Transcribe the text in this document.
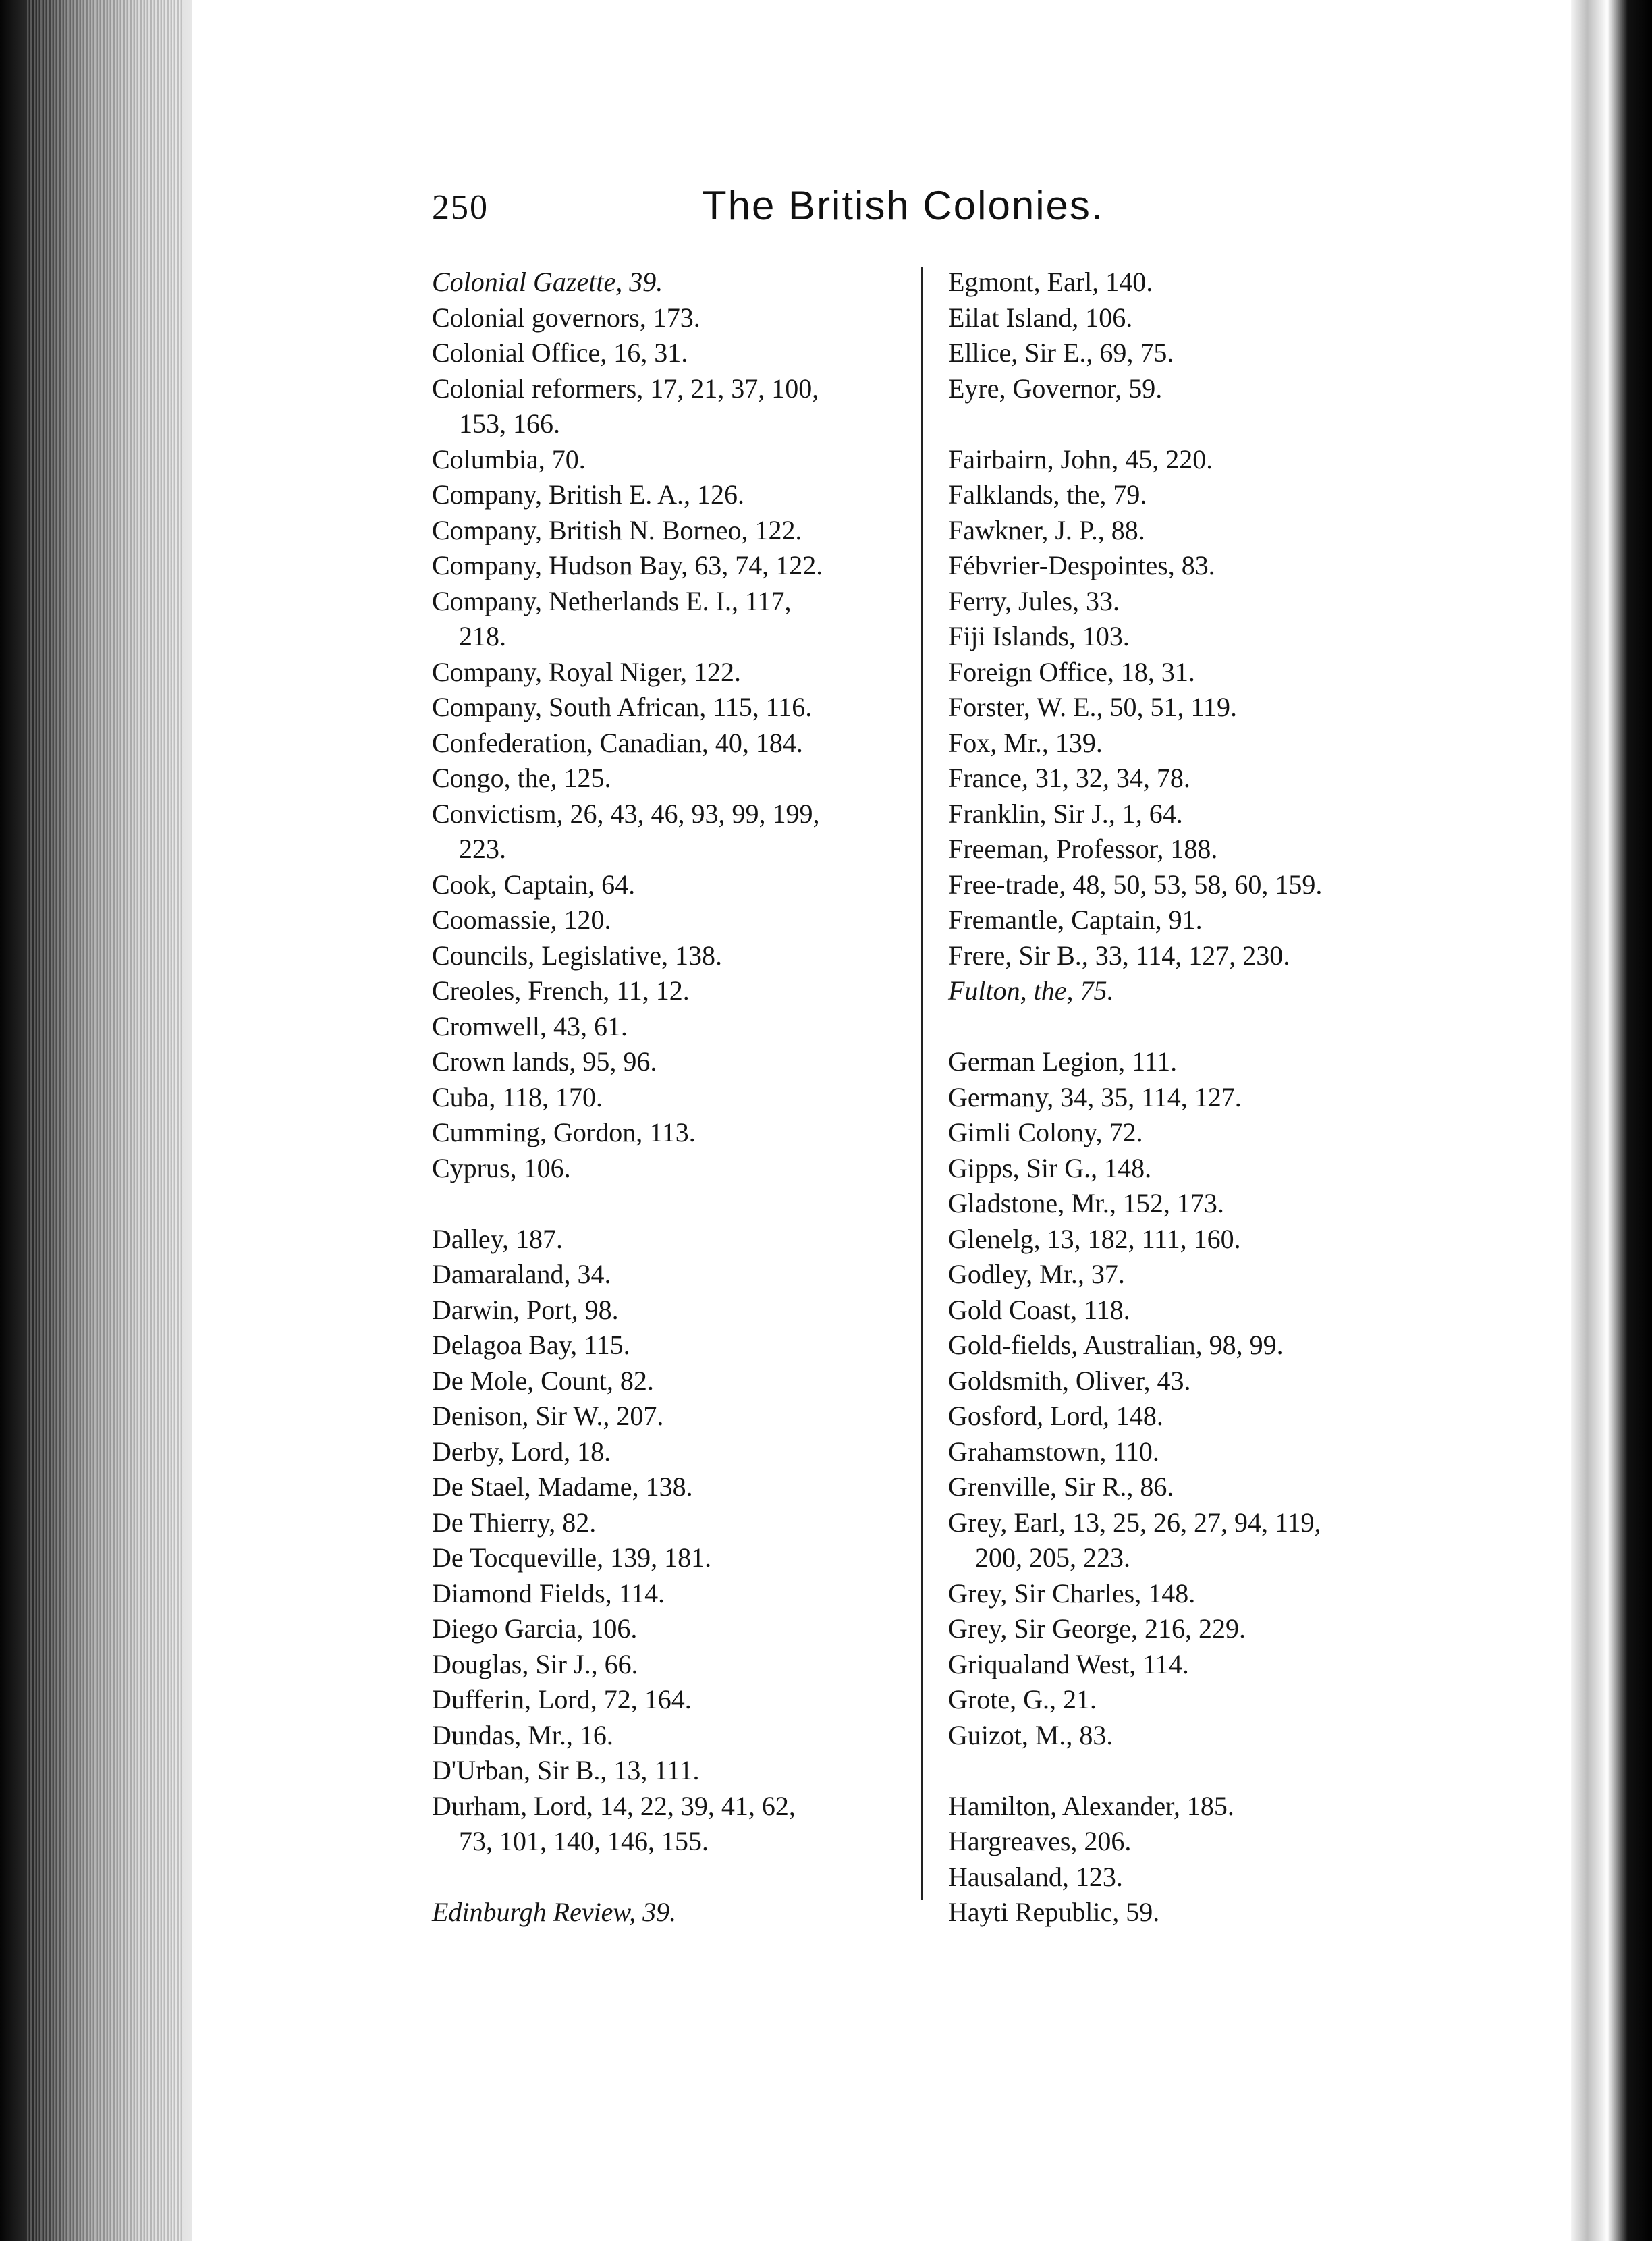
250	The British Colonies.
Colonial Gazette, 39.
Colonial governors, 173.
Colonial Office, 16, 31.
Colonial reformers, 17, 21, 37, 100,
153, 166.
Columbia, 70.
Company, British E. A., 126.
Company, British N. Borneo, 122.
Company, Hudson Bay, 63, 74, 122.
Company, Netherlands E. I., 117,
218.
Company, Royal Niger, 122.
Company, South African, 115, 116.
Confederation, Canadian, 40, 184.
Congo, the, 125.
Convictism, 26, 43, 46, 93, 99, 199,
223.
Cook, Captain, 64.
Coomassie, 120.
Councils, Legislative, 138.
Creoles, French, 11, 12.
Cromwell, 43, 61.
Crown lands, 95, 96.
Cuba, 118, 170.
Cumming, Gordon, 113.
Cyprus, 106.
Dalley, 187.
Damaraland, 34.
Darwin, Port, 98.
Delagoa Bay, 115.
De Mole, Count, 82.
Denison, Sir W., 207.
Derby, Lord, 18.
De Stael, Madame, 138.
De Thierry, 82.
De Tocqueville, 139, 181.
Diamond Fields, 114.
Diego Garcia, 106.
Douglas, Sir J., 66.
Dufferin, Lord, 72, 164.
Dundas, Mr., 16.
D'Urban, Sir B., 13, 111.
Durham, Lord, 14, 22, 39, 41, 62,
73, 101, 140, 146, 155.
Edinburgh Review, 39.
Egmont, Earl, 140.
Eilat Island, 106.
Ellice, Sir E., 69, 75.
Eyre, Governor, 59.
Fairbairn, John, 45, 220.
Falklands, the, 79.
Fawkner, J. P., 88.
Fébvrier-Despointes, 83.
Ferry, Jules, 33.
Fiji Islands, 103.
Foreign Office, 18, 31.
Forster, W. E., 50, 51, 119.
Fox, Mr., 139.
France, 31, 32, 34, 78.
Franklin, Sir J., 1, 64.
Freeman, Professor, 188.
Free-trade, 48, 50, 53, 58, 60, 159.
Fremantle, Captain, 91.
Frere, Sir B., 33, 114, 127, 230.
Fulton, the, 75.
German Legion, 111.
Germany, 34, 35, 114, 127.
Gimli Colony, 72.
Gipps, Sir G., 148.
Gladstone, Mr., 152, 173.
Glenelg, 13, 182, 111, 160.
Godley, Mr., 37.
Gold Coast, 118.
Gold-fields, Australian, 98, 99.
Goldsmith, Oliver, 43.
Gosford, Lord, 148.
Grahamstown, 110.
Grenville, Sir R., 86.
Grey, Earl, 13, 25, 26, 27, 94, 119,
200, 205, 223.
Grey, Sir Charles, 148.
Grey, Sir George, 216, 229.
Griqualand West, 114.
Grote, G., 21.
Guizot, M., 83.
Hamilton, Alexander, 185.
Hargreaves, 206.
Hausaland, 123.
Hayti Republic, 59.
